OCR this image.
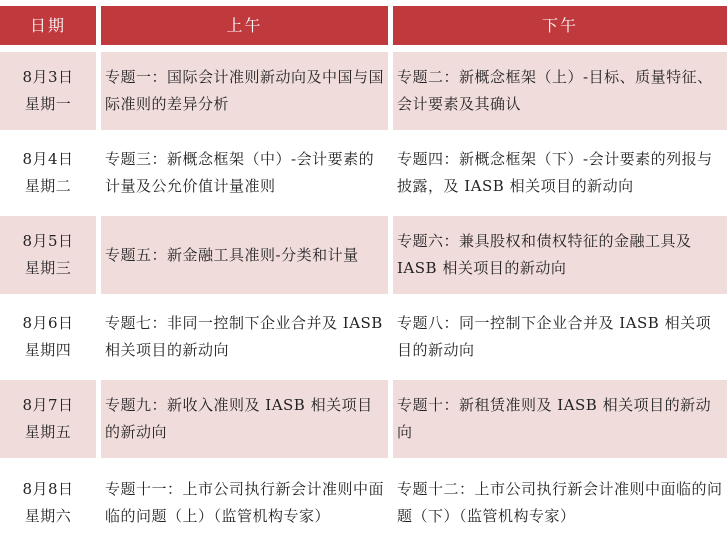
日期	上午	下午
8月3日
星期一
专题一：国际会计准则新动向及中国与国际准则的差异分析
专题二：新概念框架（上）-目标、质量特征、会计要素及其确认
8月4日
星期二
专题三：新概念框架（中）-会计要素的计量及公允价值计量准则
专题四：新概念框架（下）-会计要素的列报与披露，及 IASB 相关项目的新动向
8月5日
星期三
专题五：新金融工具准则-分类和计量
专题六：兼具股权和债权特征的金融工具及 IASB 相关项目的新动向
8月6日
星期四
专题七：非同一控制下企业合并及 IASB 相关项目的新动向
专题八：同一控制下企业合并及 IASB 相关项目的新动向
8月7日
星期五
专题九：新收入准则及 IASB 相关项目的新动向
专题十：新租赁准则及 IASB 相关项目的新动向
8月8日
星期六
专题十一：上市公司执行新会计准则中面临的问题（上）（监管机构专家）
专题十二：上市公司执行新会计准则中面临的问题（下）（监管机构专家）
